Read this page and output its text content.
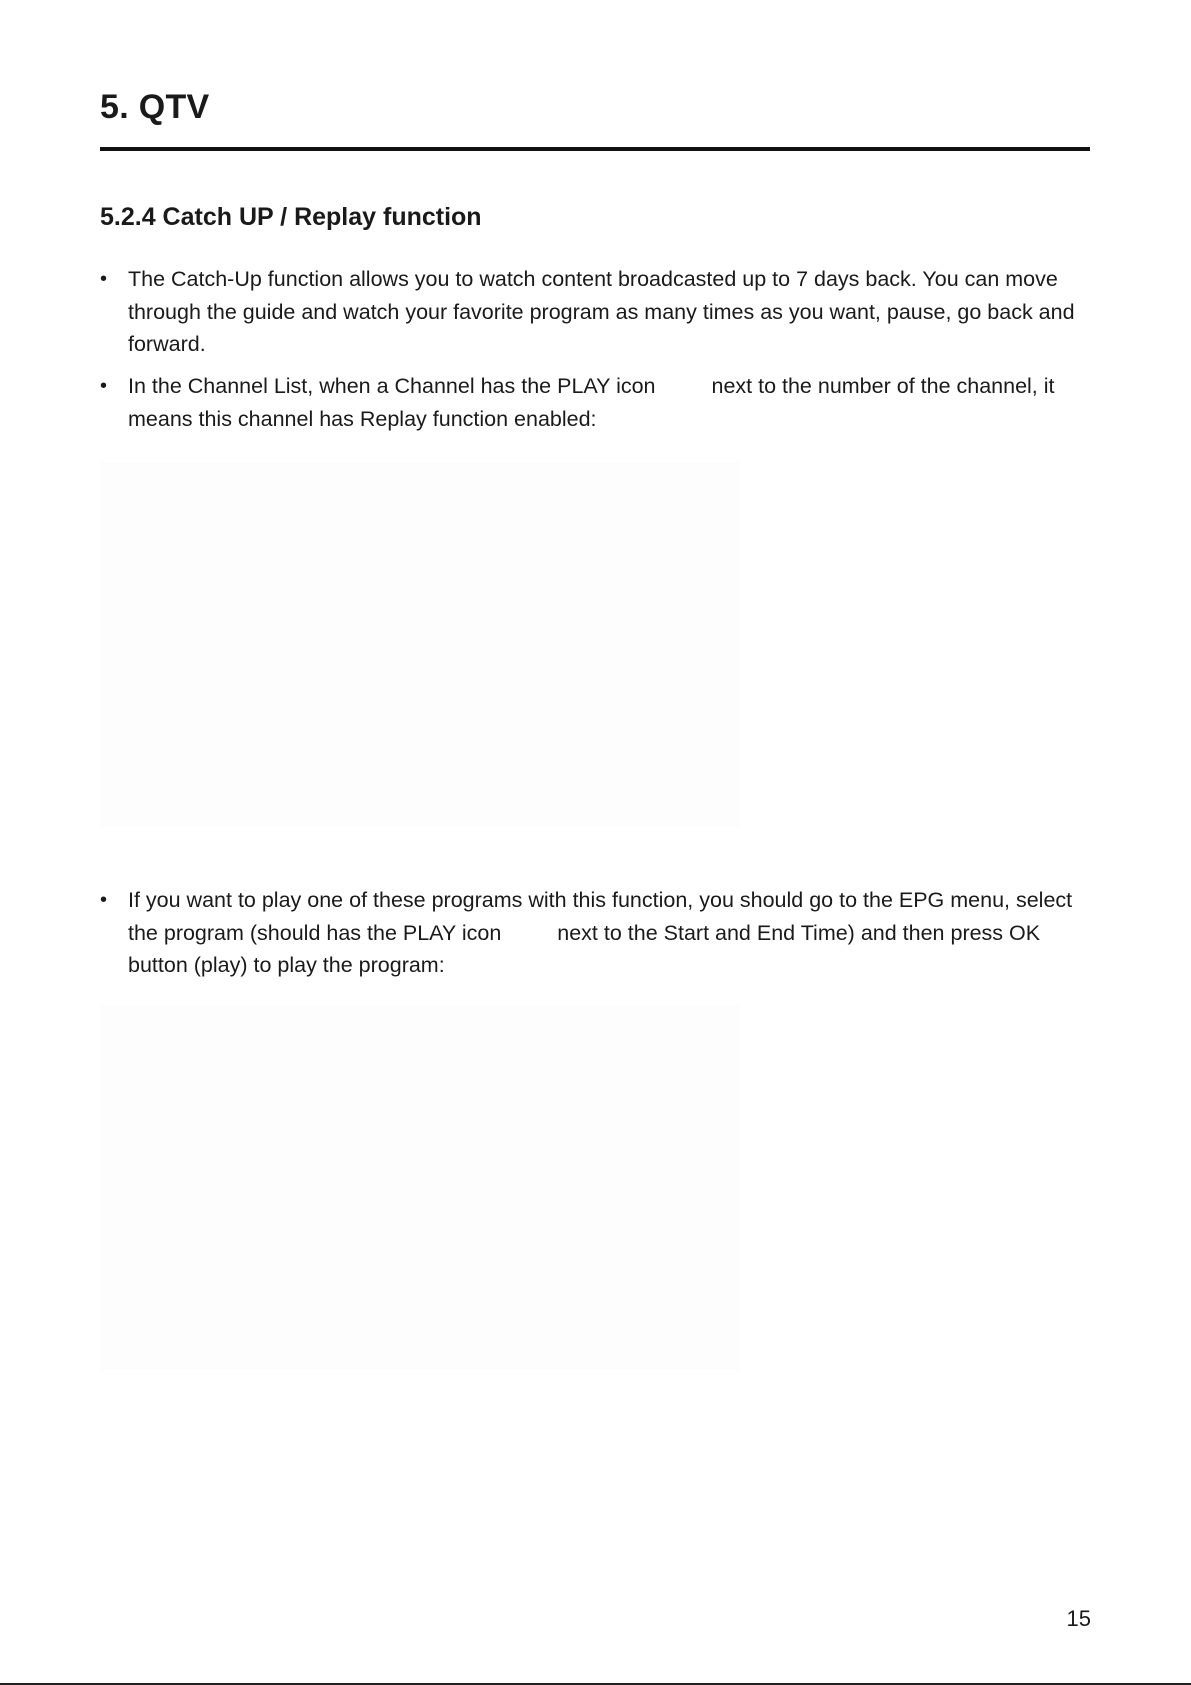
5. QTV
5.2.4 Catch UP / Replay function
• The Catch-Up function allows you to watch content broadcasted up to 7 days back. You can move through the guide and watch your favorite program as many times as you want, pause, go back and forward.
• In the Channel List, when a Channel has the PLAY icon	next to the number of the channel, it means this channel has Replay function enabled:
• If you want to play one of these programs with this function, you should go to the EPG menu, select the program (should has the PLAY icon	next to the Start and End Time) and then press OK button (play) to play the program:
15
